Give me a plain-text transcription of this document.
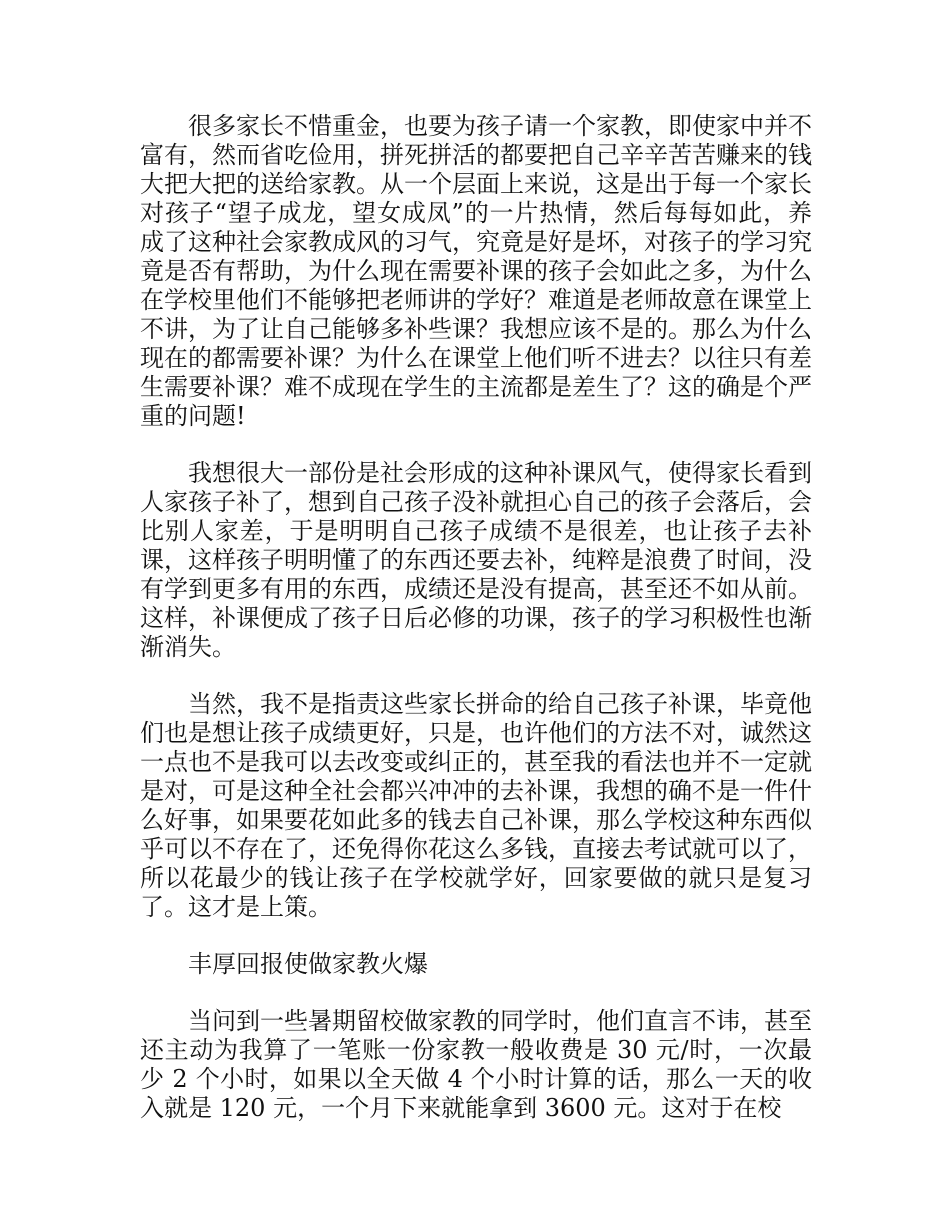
很多家长不惜重金，也要为孩子请一个家教，即使家中并不富有，然而省吃俭用，拼死拼活的都要把自己辛辛苦苦赚来的钱大把大把的送给家教。从一个层面上来说，这是出于每一个家长对孩子“望子成龙，望女成凤”的一片热情，然后每每如此，养成了这种社会家教成风的习气，究竟是好是坏，对孩子的学习究竟是否有帮助，为什么现在需要补课的孩子会如此之多，为什么在学校里他们不能够把老师讲的学好？难道是老师故意在课堂上不讲，为了让自己能够多补些课？我想应该不是的。那么为什么现在的都需要补课？为什么在课堂上他们听不进去？以往只有差生需要补课？难不成现在学生的主流都是差生了？这的确是个严重的问题!

我想很大一部份是社会形成的这种补课风气，使得家长看到人家孩子补了，想到自己孩子没补就担心自己的孩子会落后，会比别人家差，于是明明自己孩子成绩不是很差，也让孩子去补课，这样孩子明明懂了的东西还要去补，纯粹是浪费了时间，没有学到更多有用的东西，成绩还是没有提高，甚至还不如从前。这样，补课便成了孩子日后必修的功课，孩子的学习积极性也渐渐消失。

当然，我不是指责这些家长拼命的给自己孩子补课，毕竟他们也是想让孩子成绩更好，只是，也许他们的方法不对，诚然这一点也不是我可以去改变或纠正的，甚至我的看法也并不一定就是对，可是这种全社会都兴冲冲的去补课，我想的确不是一件什么好事，如果要花如此多的钱去自己补课，那么学校这种东西似乎可以不存在了，还免得你花这么多钱，直接去考试就可以了，所以花最少的钱让孩子在学校就学好，回家要做的就只是复习了。这才是上策。

丰厚回报使做家教火爆

当问到一些暑期留校做家教的同学时，他们直言不讳，甚至还主动为我算了一笔账一份家教一般收费是 30 元/时，一次最少 2 个小时，如果以全天做 4 个小时计算的话，那么一天的收入就是 120 元，一个月下来就能拿到 3600 元。这对于在校
